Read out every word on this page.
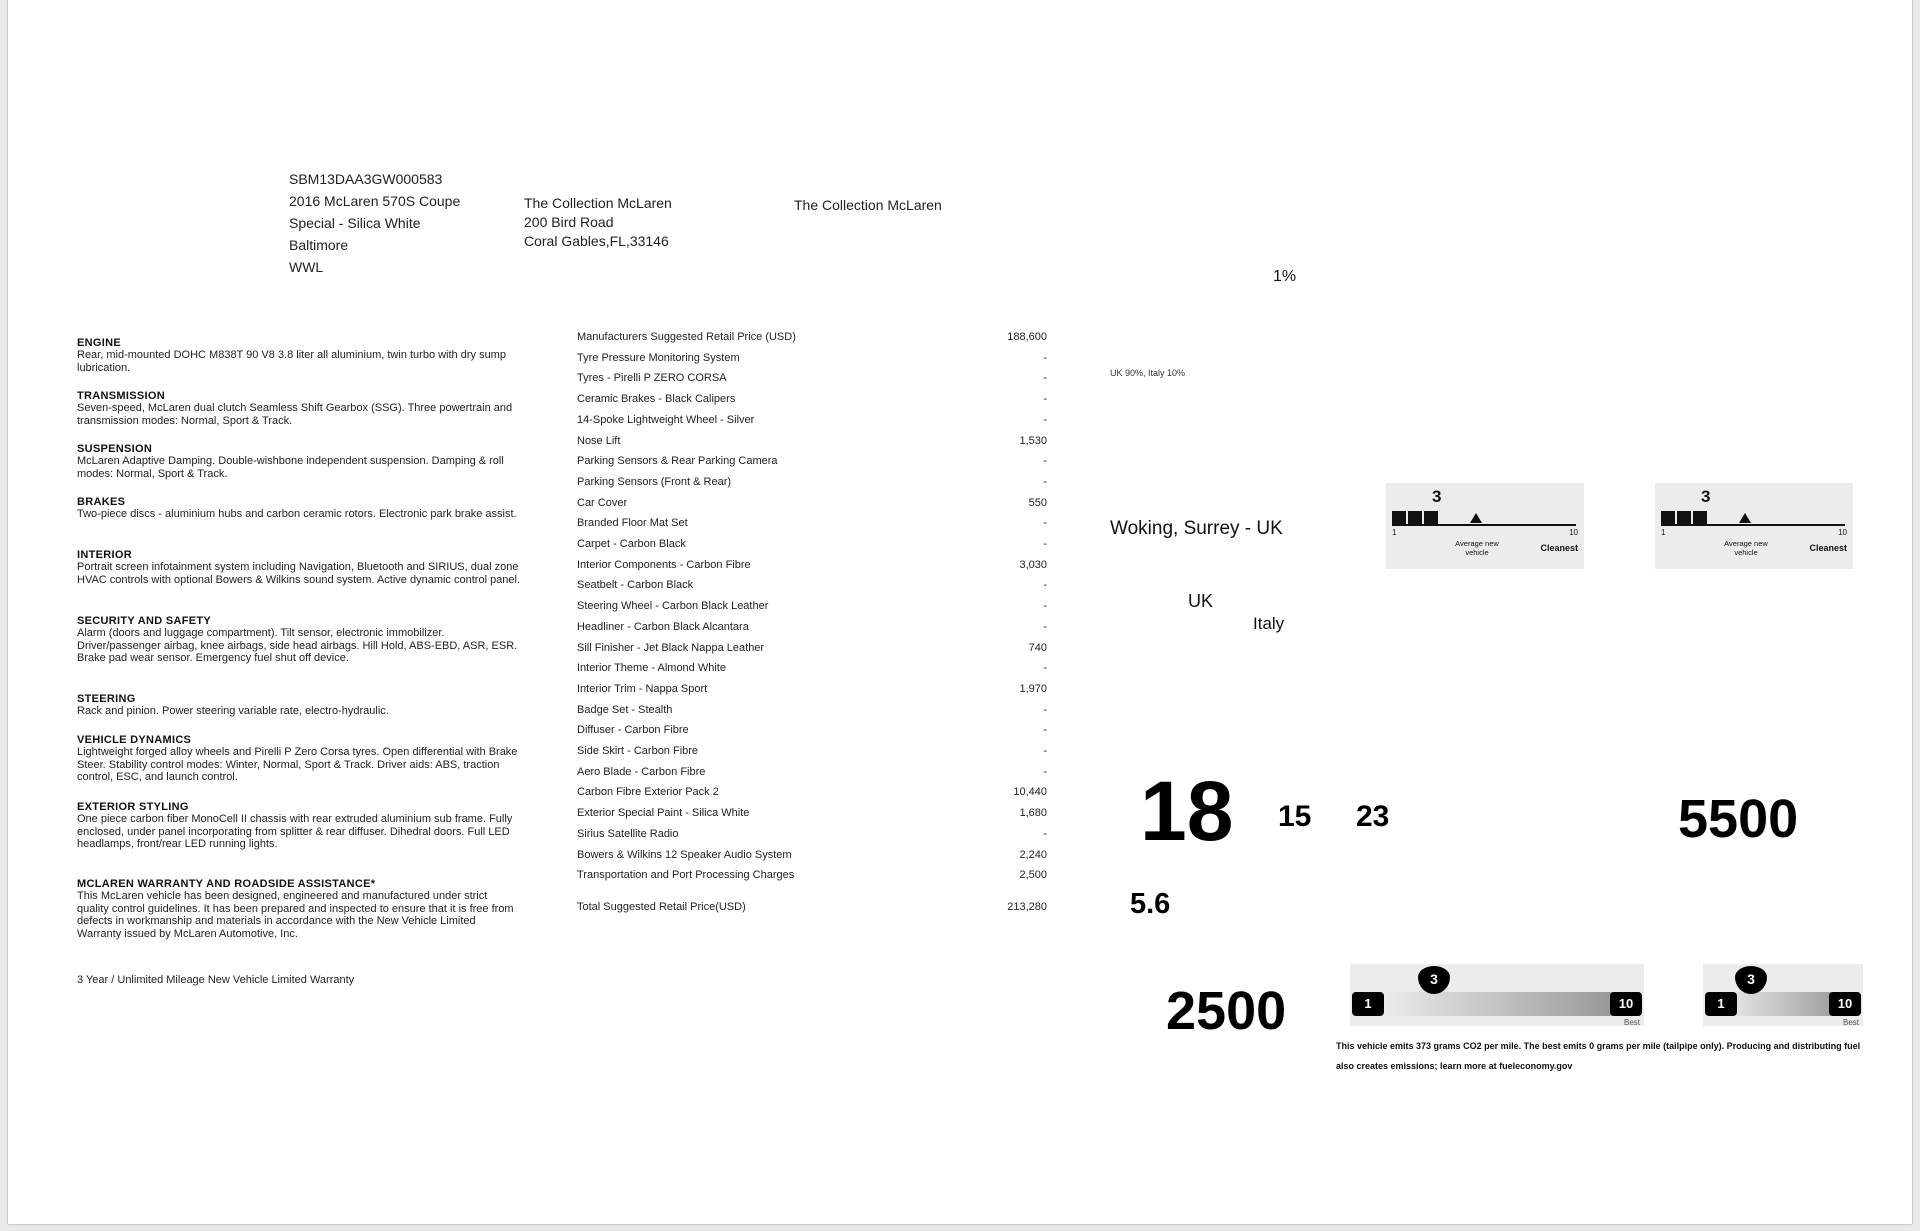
SBM13DAA3GW000583
2016 McLaren 570S Coupe
Special - Silica White
Baltimore
WWL
The Collection McLaren
200 Bird Road
Coral Gables,FL,33146
The Collection McLaren
ENGINE
Rear, mid-mounted DOHC M838T 90 V8 3.8 liter all aluminium, twin turbo with dry sump lubrication.
TRANSMISSION
Seven-speed, McLaren dual clutch Seamless Shift Gearbox (SSG). Three powertrain and transmission modes: Normal, Sport & Track.
SUSPENSION
McLaren Adaptive Damping. Double-wishbone independent suspension. Damping & roll modes: Normal, Sport & Track.
BRAKES
Two-piece discs - aluminium hubs and carbon ceramic rotors. Electronic park brake assist.
INTERIOR
Portrait screen infotainment system including Navigation, Bluetooth and SIRIUS, dual zone HVAC controls with optional Bowers & Wilkins sound system. Active dynamic control panel.
SECURITY AND SAFETY
Alarm (doors and luggage compartment). Tilt sensor, electronic immobilizer. Driver/passenger airbag, knee airbags, side head airbags. Hill Hold, ABS-EBD, ASR, ESR. Brake pad wear sensor. Emergency fuel shut off device.
STEERING
Rack and pinion. Power steering variable rate, electro-hydraulic.
VEHICLE DYNAMICS
Lightweight forged alloy wheels and Pirelli P Zero Corsa tyres. Open differential with Brake Steer. Stability control modes: Winter, Normal, Sport & Track. Driver aids: ABS, traction control, ESC, and launch control.
EXTERIOR STYLING
One piece carbon fiber MonoCell II chassis with rear extruded aluminium sub frame. Fully enclosed, under panel incorporating from splitter & rear diffuser. Dihedral doors. Full LED headlamps, front/rear LED running lights.
MCLAREN WARRANTY AND ROADSIDE ASSISTANCE*
This McLaren vehicle has been designed, engineered and manufactured under strict quality control guidelines. It has been prepared and inspected to ensure that it is free from defects in workmanship and materials in accordance with the New Vehicle Limited Warranty issued by McLaren Automotive, Inc.
3 Year / Unlimited Mileage New Vehicle Limited Warranty
Manufacturers Suggested Retail Price (USD)	188,600
Tyre Pressure Monitoring System	-
Tyres - Pirelli P ZERO CORSA	-
Ceramic Brakes - Black Calipers	-
14-Spoke Lightweight Wheel - Silver	-
Nose Lift	1,530
Parking Sensors & Rear Parking Camera	-
Parking Sensors (Front & Rear)	-
Car Cover	550
Branded Floor Mat Set	-
Carpet - Carbon Black	-
Interior Components - Carbon Fibre	3,030
Seatbelt - Carbon Black	-
Steering Wheel - Carbon Black Leather	-
Headliner - Carbon Black Alcantara	-
Sill Finisher - Jet Black Nappa Leather	740
Interior Theme - Almond White	-
Interior Trim - Nappa Sport	1,970
Badge Set - Stealth	-
Diffuser - Carbon Fibre	-
Side Skirt - Carbon Fibre	-
Aero Blade - Carbon Fibre	-
Carbon Fibre Exterior Pack 2	10,440
Exterior Special Paint - Silica White	1,680
Sirius Satellite Radio	-
Bowers & Wilkins 12 Speaker Audio System	2,240
Transportation and Port Processing Charges	2,500
Total Suggested Retail Price(USD)	213,280
1%
UK 90%, Italy 10%
Woking, Surrey - UK
UK
Italy
3
1	10
Average new vehicle	Cleanest
3
1	10
Average new vehicle	Cleanest
18 15 23
5.6
2500
5500
1	10
3
Best
1	10
3
Best
This vehicle emits 373 grams CO2 per mile. The best emits 0 grams per mile (tailpipe only). Producing and distributing fuel also creates emissions; learn more at fueleconomy.gov
